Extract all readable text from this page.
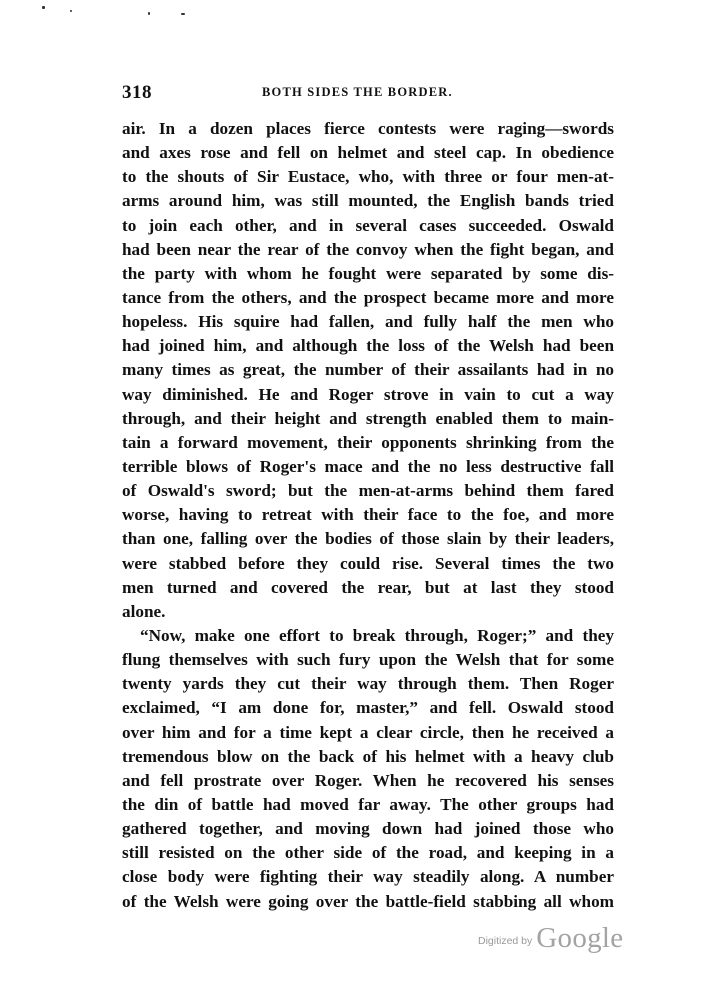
318	BOTH SIDES THE BORDER.
air. In a dozen places fierce contests were raging—swords
and axes rose and fell on helmet and steel cap. In obedience
to the shouts of Sir Eustace, who, with three or four men-at-
arms around him, was still mounted, the English bands tried
to join each other, and in several cases succeeded. Oswald
had been near the rear of the convoy when the fight began, and
the party with whom he fought were separated by some dis-
tance from the others, and the prospect became more and more
hopeless. His squire had fallen, and fully half the men who
had joined him, and although the loss of the Welsh had been
many times as great, the number of their assailants had in no
way diminished. He and Roger strove in vain to cut a way
through, and their height and strength enabled them to main-
tain a forward movement, their opponents shrinking from the
terrible blows of Roger's mace and the no less destructive fall
of Oswald's sword; but the men-at-arms behind them fared
worse, having to retreat with their face to the foe, and more
than one, falling over the bodies of those slain by their leaders,
were stabbed before they could rise. Several times the two
men turned and covered the rear, but at last they stood
alone.
“Now, make one effort to break through, Roger;” and they
flung themselves with such fury upon the Welsh that for some
twenty yards they cut their way through them. Then Roger
exclaimed, “I am done for, master,” and fell. Oswald stood
over him and for a time kept a clear circle, then he received a
tremendous blow on the back of his helmet with a heavy club
and fell prostrate over Roger. When he recovered his senses
the din of battle had moved far away. The other groups had
gathered together, and moving down had joined those who
still resisted on the other side of the road, and keeping in a
close body were fighting their way steadily along. A number
of the Welsh were going over the battle-field stabbing all whom
Digitized by Google
